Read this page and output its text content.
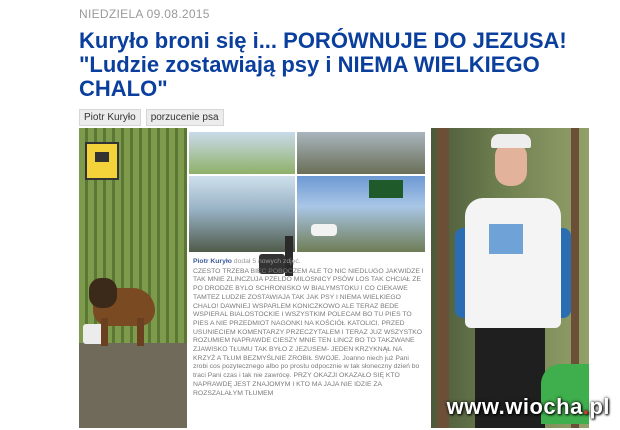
NIEDZIELA 09.08.2015
Kuryło broni się i... PORÓWNUJE DO JEZUSA! "Ludzie zostawiają psy i NIEMA WIELKIEGO CHALO"
Piotr Kuryło	porzucenie psa
Piotr Kuryło dodał 5 nowych zdjęć.

CZESTO TRZEBA BIEC POBOCZEM ALE TO NIC NIEDLUGO JAKWIDZE I TAK MNIE ZLINCZUJA PZELDO MILOSNICY PSÓW LOS TAK CHCIAŁ ZE PO DRODZE BYLO SCHRONISKO W BIALYMSTOKU I CO CIEKAWE TAMTEZ LUDZIE ZOSTAWIAJA TAK JAK PSY I NIEMA WIELKIEGO CHALO! DAWNIEJ WSPARLEM KONICZKOWO ALE TERAZ BEDE WSPIERAL BIALOSTOCKIE I WSZYSTKIM POLECAM BO TU PIES TO PIES A NIE PRZEDMIOT NAGONKI NA KOŚCIÓŁ KATOLICI. PRZED USUNIECIEM KOMENTARZY PRZECZYTALEM I TERAZ JUZ WSZYSTKO ROZUMIEM NAPRAWDE CIESZY MNIE TEN LINCZ BO TO TAKZWANE ZJAWISKO TŁUMU TAK BYŁO Z JEZUSEM- JEDEN KRZYKNĄŁ NA KRZYŻ A TŁUM BEZMYŚLNIE ZROBIŁ SWOJE. Joanno niech już Pani zrobi cos pozytecznego albo po prostu odpocznie w tak słoneczny dzień bo traci Pani czas i tak nie zawrócę. PRZY OKAZJI OKAZAŁO SIĘ KTO NAPRAWDĘ JEST ZNAJOMYM I KTO MA JAJA NIE IDZIE ZA ROZSZALAŁYM TŁUMEM

www.wiocha.pl
